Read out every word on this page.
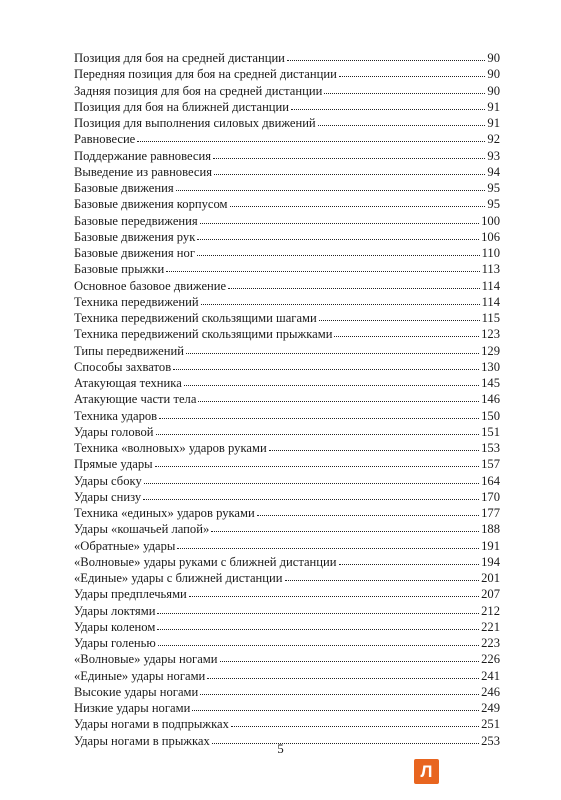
Позиция для боя на средней дистанции	90
Передняя позиция для боя на средней дистанции	90
Задняя позиция для боя на средней дистанции	90
Позиция для боя на ближней дистанции	91
Позиция для выполнения силовых движений	91
Равновесие	92
Поддержание равновесия	93
Выведение из равновесия	94
Базовые движения	95
Базовые движения корпусом	95
Базовые передвижения	100
Базовые движения рук	106
Базовые движения ног	110
Базовые прыжки	113
Основное базовое движение	114
Техника передвижений	114
Техника передвижений скользящими шагами	115
Техника передвижений скользящими прыжками	123
Типы передвижений	129
Способы захватов	130
Атакующая техника	145
Атакующие части тела	146
Техника ударов	150
Удары головой	151
Техника «волновых» ударов руками	153
Прямые удары	157
Удары сбоку	164
Удары снизу	170
Техника «единых» ударов руками	177
Удары «кошачьей лапой»	188
«Обратные» удары	191
«Волновые» удары руками с ближней дистанции	194
«Единые» удары с ближней дистанции	201
Удары предплечьями	207
Удары локтями	212
Удары коленом	221
Удары голенью	223
«Волновые» удары ногами	226
«Единые» удары ногами	241
Высокие удары ногами	246
Низкие удары ногами	249
Удары ногами в подпрыжках	251
Удары ногами в прыжках	253
5
Л
